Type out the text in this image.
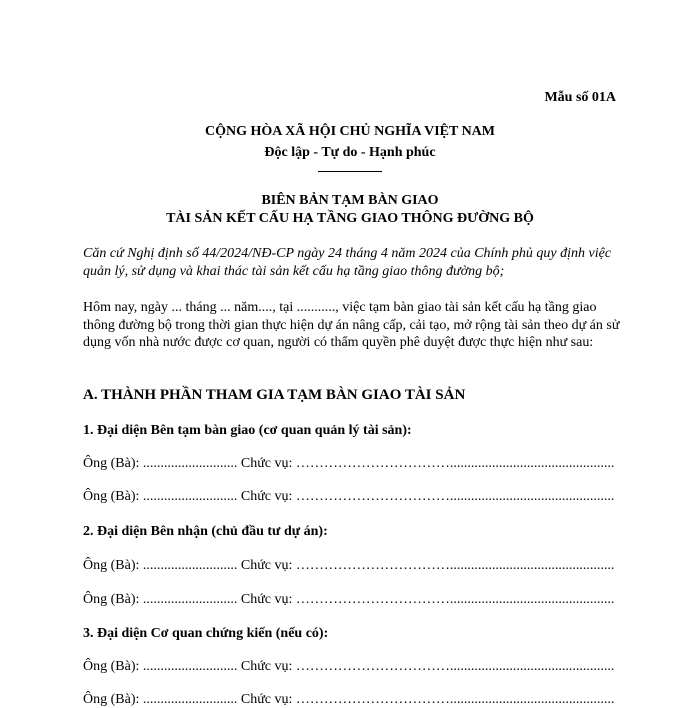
Mẫu số 01A
CỘNG HÒA XÃ HỘI CHỦ NGHĨA VIỆT NAM
Độc lập - Tự do - Hạnh phúc
BIÊN BẢN TẠM BÀN GIAO
TÀI SẢN KẾT CẤU HẠ TẦNG GIAO THÔNG ĐƯỜNG BỘ
Căn cứ Nghị định số 44/2024/NĐ-CP ngày 24 tháng 4 năm 2024 của Chính phủ quy định việc quản lý, sử dụng và khai thác tài sản kết cấu hạ tầng giao thông đường bộ;
Hôm nay, ngày ... tháng ... năm...., tại ..........., việc tạm bàn giao tài sản kết cấu hạ tầng giao thông đường bộ trong thời gian thực hiện dự án nâng cấp, cải tạo, mở rộng tài sản theo dự án sử dụng vốn nhà nước được cơ quan, người có thẩm quyền phê duyệt được thực hiện như sau:
A. THÀNH PHẦN THAM GIA TẠM BÀN GIAO TÀI SẢN
1. Đại diện Bên tạm bàn giao (cơ quan quản lý tài sản):
Ông (Bà): ........................... Chức vụ: ……………………………...............................................
Ông (Bà): ........................... Chức vụ: ……………………………...............................................
2. Đại diện Bên nhận (chủ đầu tư dự án):
Ông (Bà): ........................... Chức vụ: ……………………………...............................................
Ông (Bà): ........................... Chức vụ: ……………………………...............................................
3. Đại diện Cơ quan chứng kiến (nếu có):
Ông (Bà): ........................... Chức vụ: ……………………………...............................................
Ông (Bà): ........................... Chức vụ: ……………………………...............................................
